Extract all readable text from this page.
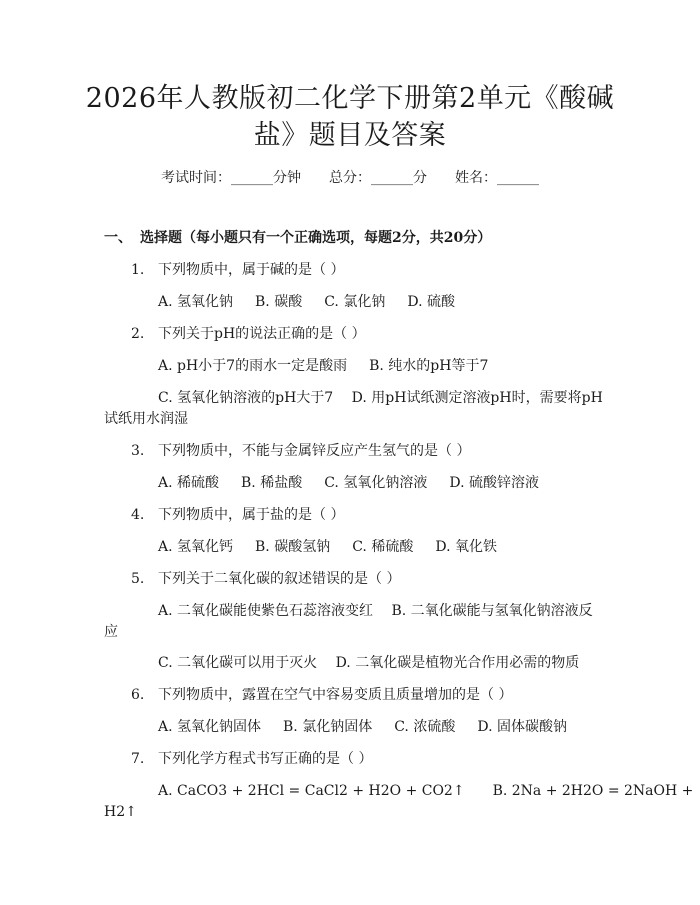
2026年人教版初二化学下册第2单元《酸碱
盐》题目及答案
考试时间：______分钟 总分：______分 姓名：______
一、 选择题（每小题只有一个正确选项，每题2分，共20分）
1. 下列物质中，属于碱的是（ ）
A. 氢氧化钠 B. 碳酸 C. 氯化钠 D. 硫酸
2. 下列关于pH的说法正确的是（ ）
A. pH小于7的雨水一定是酸雨 B. 纯水的pH等于7
C. 氢氧化钠溶液的pH大于7　 D. 用pH试纸测定溶液pH时，需要将pH
试纸用水润湿
3. 下列物质中，不能与金属锌反应产生氢气的是（ ）
A. 稀硫酸 B. 稀盐酸 C. 氢氧化钠溶液 D. 硫酸锌溶液
4. 下列物质中，属于盐的是（ ）
A. 氢氧化钙 B. 碳酸氢钠 C. 稀硫酸 D. 氧化铁
5. 下列关于二氧化碳的叙述错误的是（ ）
A. 二氧化碳能使紫色石蕊溶液变红　 B. 二氧化碳能与氢氧化钠溶液反
应
C. 二氧化碳可以用于灭火　 D. 二氧化碳是植物光合作用必需的物质
6. 下列物质中，露置在空气中容易变质且质量增加的是（ ）
A. 氢氧化钠固体 B. 氯化钠固体 C. 浓硫酸 D. 固体碳酸钠
7. 下列化学方程式书写正确的是（ ）
A. CaCO3 + 2HCl = CaCl2 + H2O + CO2↑　　B. 2Na + 2H2O = 2NaOH +
H2↑
